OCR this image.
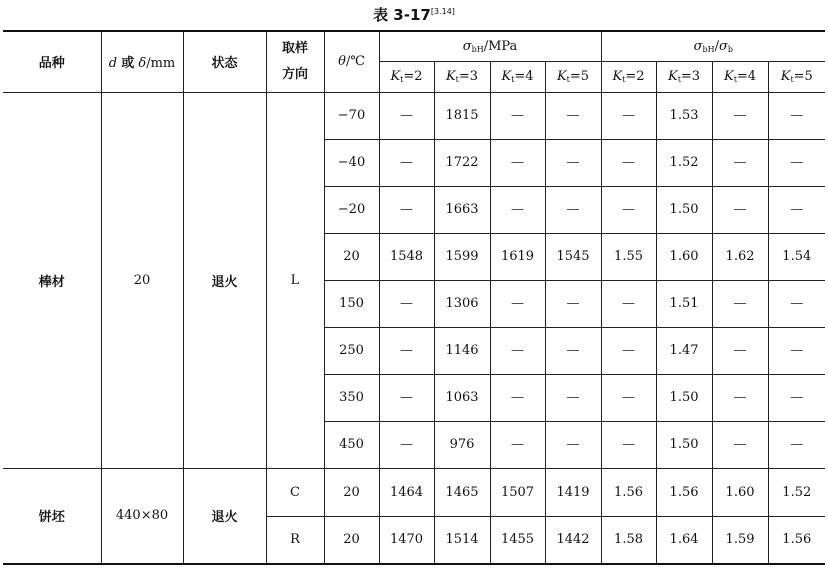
表 3-17[3.14]
品种	d 或 δ/mm	状态	取样
方向	θ/℃	$\sigma_{bH}$/MPa				$\sigma_{bH}/\sigma_b$
					$K_t=2$	$K_t=3$	$K_t=4$	$K_t=5$	$K_t=2$	$K_t=3$	$K_t=4$	$K_t=5$
棒材	20	退火	L	−70	—	1815	—	—	—	1.53	—	—
				−40	—	1722	—	—	—	1.52	—	—
				−20	—	1663	—	—	—	1.50	—	—
				20	1548	1599	1619	1545	1.55	1.60	1.62	1.54
				150	—	1306	—	—	—	1.51	—	—
				250	—	1146	—	—	—	1.47	—	—
				350	—	1063	—	—	—	1.50	—	—
				450	—	976	—	—	—	1.50	—	—
饼坯	440×80	退火	C	20	1464	1465	1507	1419	1.56	1.56	1.60	1.52
			R	20	1470	1514	1455	1442	1.58	1.64	1.59	1.56
